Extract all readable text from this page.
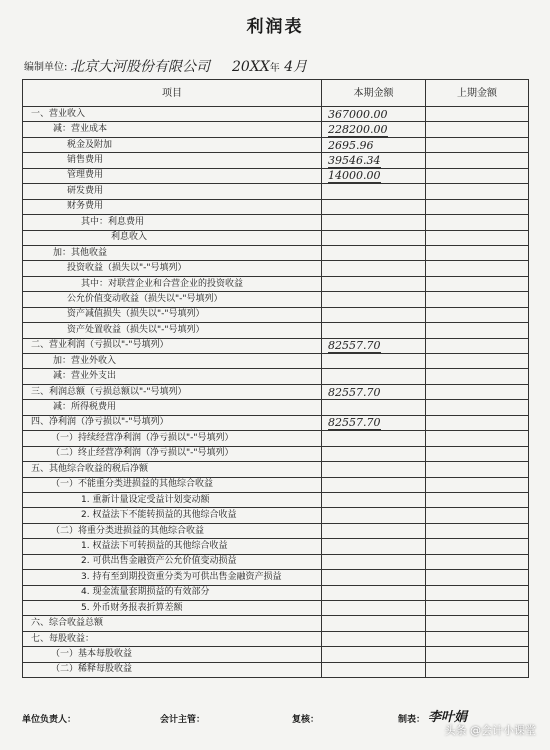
利润表
编制单位: 北京大河股份有限公司 20XX年 4月
项目	本期金额	上期金额
一、营业收入	367000.00	
减：营业成本	228200.00	
税金及附加	2695.96	
销售费用	39546.34	
管理费用	14000.00	
研发费用		
财务费用		
其中：利息费用		
利息收入		
加：其他收益		
投资收益（损失以"-"号填列）		
其中：对联营企业和合营企业的投资收益		
公允价值变动收益（损失以"-"号填列）		
资产减值损失（损失以"-"号填列）		
资产处置收益（损失以"-"号填列）		
二、营业利润（亏损以"-"号填列）	82557.70	
加：营业外收入		
减：营业外支出		
三、利润总额（亏损总额以"-"号填列）	82557.70	
减：所得税费用		
四、净利润（净亏损以"-"号填列）	82557.70	
（一）持续经营净利润（净亏损以"-"号填列）		
（二）终止经营净利润（净亏损以"-"号填列）		
五、其他综合收益的税后净额		
（一）不能重分类进损益的其他综合收益		
1. 重新计量设定受益计划变动额		
2. 权益法下不能转损益的其他综合收益		
（二）将重分类进损益的其他综合收益		
1. 权益法下可转损益的其他综合收益		
2. 可供出售金融资产公允价值变动损益		
3. 持有至到期投资重分类为可供出售金融资产损益		
4. 现金流量套期损益的有效部分		
5. 外币财务报表折算差额		
六、综合收益总额		
七、每股收益：		
（一）基本每股收益		
（二）稀释每股收益		
单位负责人：	会计主管：	复核：	制表： 李叶娟
头条 @会计小课堂
